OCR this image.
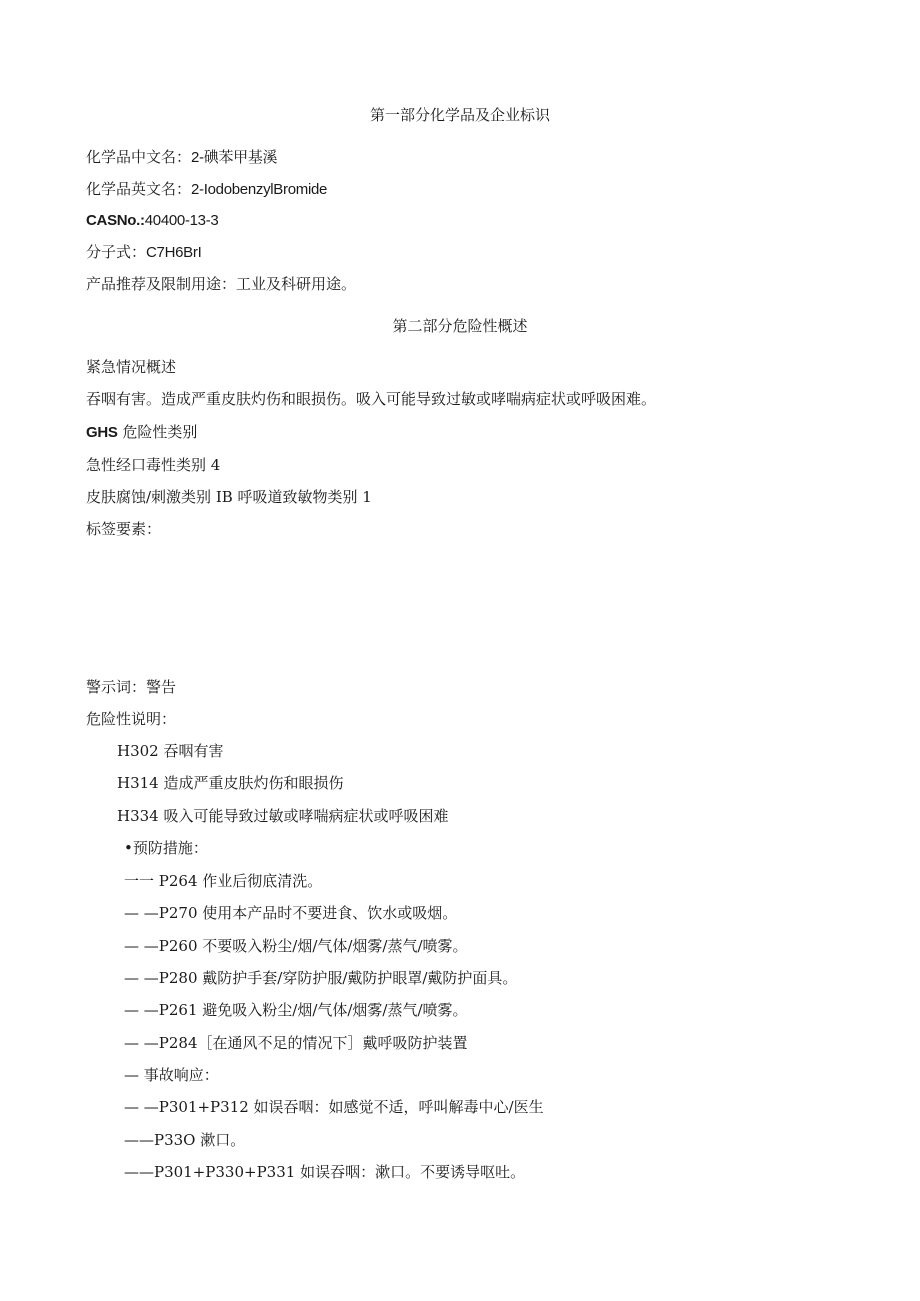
第一部分化学品及企业标识
化学品中文名：2-碘苯甲基溪
化学品英文名：2-IodobenzylBromide
CASNo.:40400-13-3
分子式：C7H6BrI
产品推荐及限制用途：工业及科研用途。
第二部分危险性概述
紧急情况概述
吞咽有害。造成严重皮肤灼伤和眼损伤。吸入可能导致过敏或哮喘病症状或呼吸困难。
GHS 危险性类别
急性经口毒性类别 4
皮肤腐蚀/刺激类别 IB 呼吸道致敏物类别 1
标签要素：
警示词：警告
危险性说明：
H302 吞咽有害
H314 造成严重皮肤灼伤和眼损伤
H334 吸入可能导致过敏或哮喘病症状或呼吸困难
•预防措施：
一一 P264 作业后彻底清洗。
— —P270 使用本产品时不要进食、饮水或吸烟。
— —P260 不要吸入粉尘/烟/气体/烟雾/蒸气/喷雾。
— —P280 戴防护手套/穿防护服/戴防护眼罩/戴防护面具。
— —P261 避免吸入粉尘/烟/气体/烟雾/蒸气/喷雾。
— —P284［在通风不足的情况下］戴呼吸防护装置
— 事故响应：
— —P301+P312 如误吞咽：如感觉不适，呼叫解毒中心/医生
——P33O 漱口。
——P301+P330+P331 如误吞咽：漱口。不要诱导呕吐。
